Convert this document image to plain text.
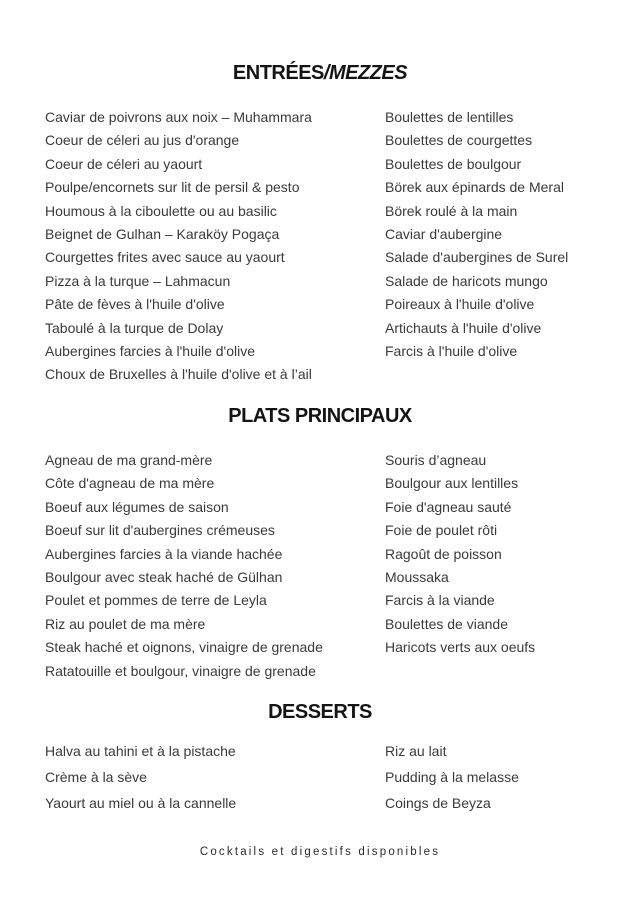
ENTRÉES/MEZZES
Caviar de poivrons aux noix – Muhammara
Coeur de céleri au jus d'orange
Coeur de céleri au yaourt
Poulpe/encornets sur lit de persil & pesto
Houmous à la ciboulette ou au basilic
Beignet de Gulhan – Karaköy Pogaça
Courgettes frites avec sauce au yaourt
Pizza à la turque – Lahmacun
Pâte de fèves à l'huile d'olive
Taboulé à la turque de Dolay
Aubergines farcies à l'huile d'olive
Choux de Bruxelles à l'huile d'olive et à l’ail
Boulettes de lentilles
Boulettes de courgettes
Boulettes de boulgour
Börek aux épinards de Meral
Börek roulé à la main
Caviar d'aubergine
Salade d'aubergines de Surel
Salade de haricots mungo
Poireaux à l'huile d'olive
Artichauts à l'huile d'olive
Farcis à l'huile d'olive
PLATS PRINCIPAUX
Agneau de ma grand-mère
Côte d'agneau de ma mère
Boeuf aux légumes de saison
Boeuf sur lit d'aubergines crémeuses
Aubergines farcies à la viande hachée
Boulgour avec steak haché de Gülhan
Poulet et pommes de terre de Leyla
Riz au poulet de ma mère
Steak haché et oignons, vinaigre de grenade
Ratatouille et boulgour, vinaigre de grenade
Souris d’agneau
Boulgour aux lentilles
Foie d'agneau sauté
Foie de poulet rôti
Ragoût de poisson
Moussaka
Farcis à la viande
Boulettes de viande
Haricots verts aux oeufs
DESSERTS
Halva au tahini et à la pistache
Crème à la sève
Yaourt au miel ou à la cannelle
Riz au lait
Pudding à la melasse
Coings de Beyza
Cocktails et digestifs disponibles
